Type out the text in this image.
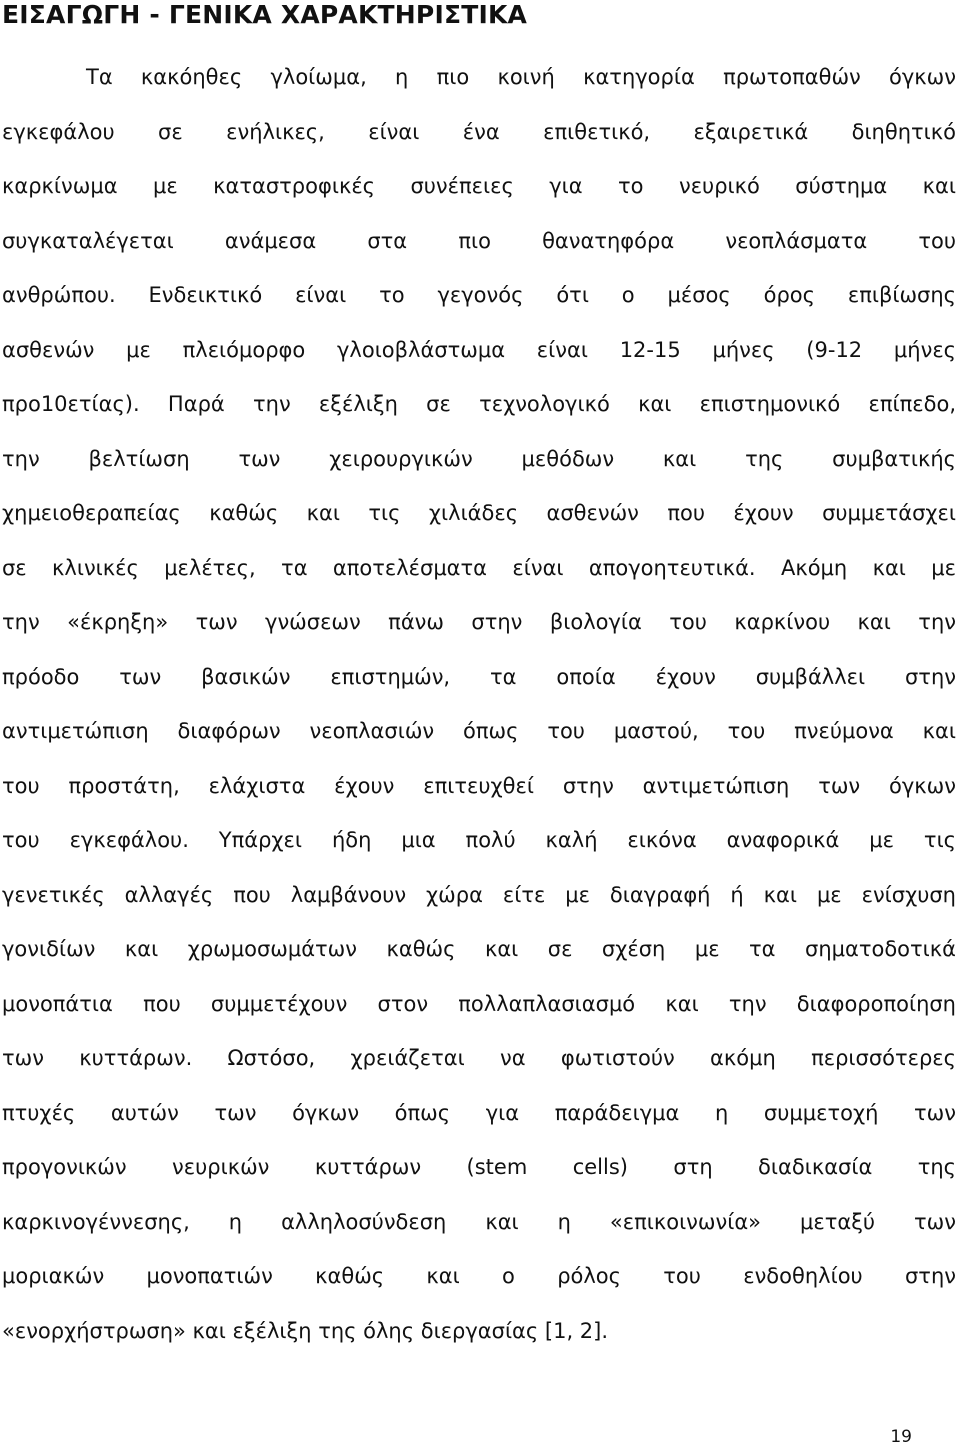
ΕΙΣΑΓΩΓΗ - ΓΕΝΙΚΑ ΧΑΡΑΚΤΗΡΙΣΤΙΚΑ
Τα κακόηθες γλοίωμα, η πιο κοινή κατηγορία πρωτοπαθών όγκων
εγκεφάλου σε ενήλικες, είναι ένα επιθετικό, εξαιρετικά διηθητικό
καρκίνωμα με καταστροφικές συνέπειες για το νευρικό σύστημα και
συγκαταλέγεται ανάμεσα στα πιο θανατηφόρα νεοπλάσματα του
ανθρώπου. Ενδεικτικό είναι το γεγονός ότι ο μέσος όρος επιβίωσης
ασθενών με πλειόμορφο γλοιοβλάστωμα είναι 12-15 μήνες (9-12 μήνες
προ10ετίας). Παρά την εξέλιξη σε τεχνολογικό και επιστημονικό επίπεδο,
την βελτίωση των χειρουργικών μεθόδων και της συμβατικής
χημειοθεραπείας καθώς και τις χιλιάδες ασθενών που έχουν συμμετάσχει
σε κλινικές μελέτες, τα αποτελέσματα είναι απογοητευτικά. Ακόμη και με
την «έκρηξη» των γνώσεων πάνω στην βιολογία του καρκίνου και την
πρόοδο των βασικών επιστημών, τα οποία έχουν συμβάλλει στην
αντιμετώπιση διαφόρων νεοπλασιών όπως του μαστού, του πνεύμονα και
του προστάτη, ελάχιστα έχουν επιτευχθεί στην αντιμετώπιση των όγκων
του εγκεφάλου. Υπάρχει ήδη μια πολύ καλή εικόνα αναφορικά με τις
γενετικές αλλαγές που λαμβάνουν χώρα είτε με διαγραφή ή και με ενίσχυση
γονιδίων και χρωμοσωμάτων καθώς και σε σχέση με τα σηματοδοτικά
μονοπάτια που συμμετέχουν στον πολλαπλασιασμό και την διαφοροποίηση
των κυττάρων. Ωστόσο, χρειάζεται να φωτιστούν ακόμη περισσότερες
πτυχές αυτών των όγκων όπως για παράδειγμα η συμμετοχή των
προγονικών νευρικών κυττάρων (stem cells) στη διαδικασία της
καρκινογέννεσης, η αλληλοσύνδεση και η «επικοινωνία» μεταξύ των
μοριακών μονοπατιών καθώς και ο ρόλος του ενδοθηλίου στην
«ενορχήστρωση» και εξέλιξη της όλης διεργασίας [1, 2].
19
